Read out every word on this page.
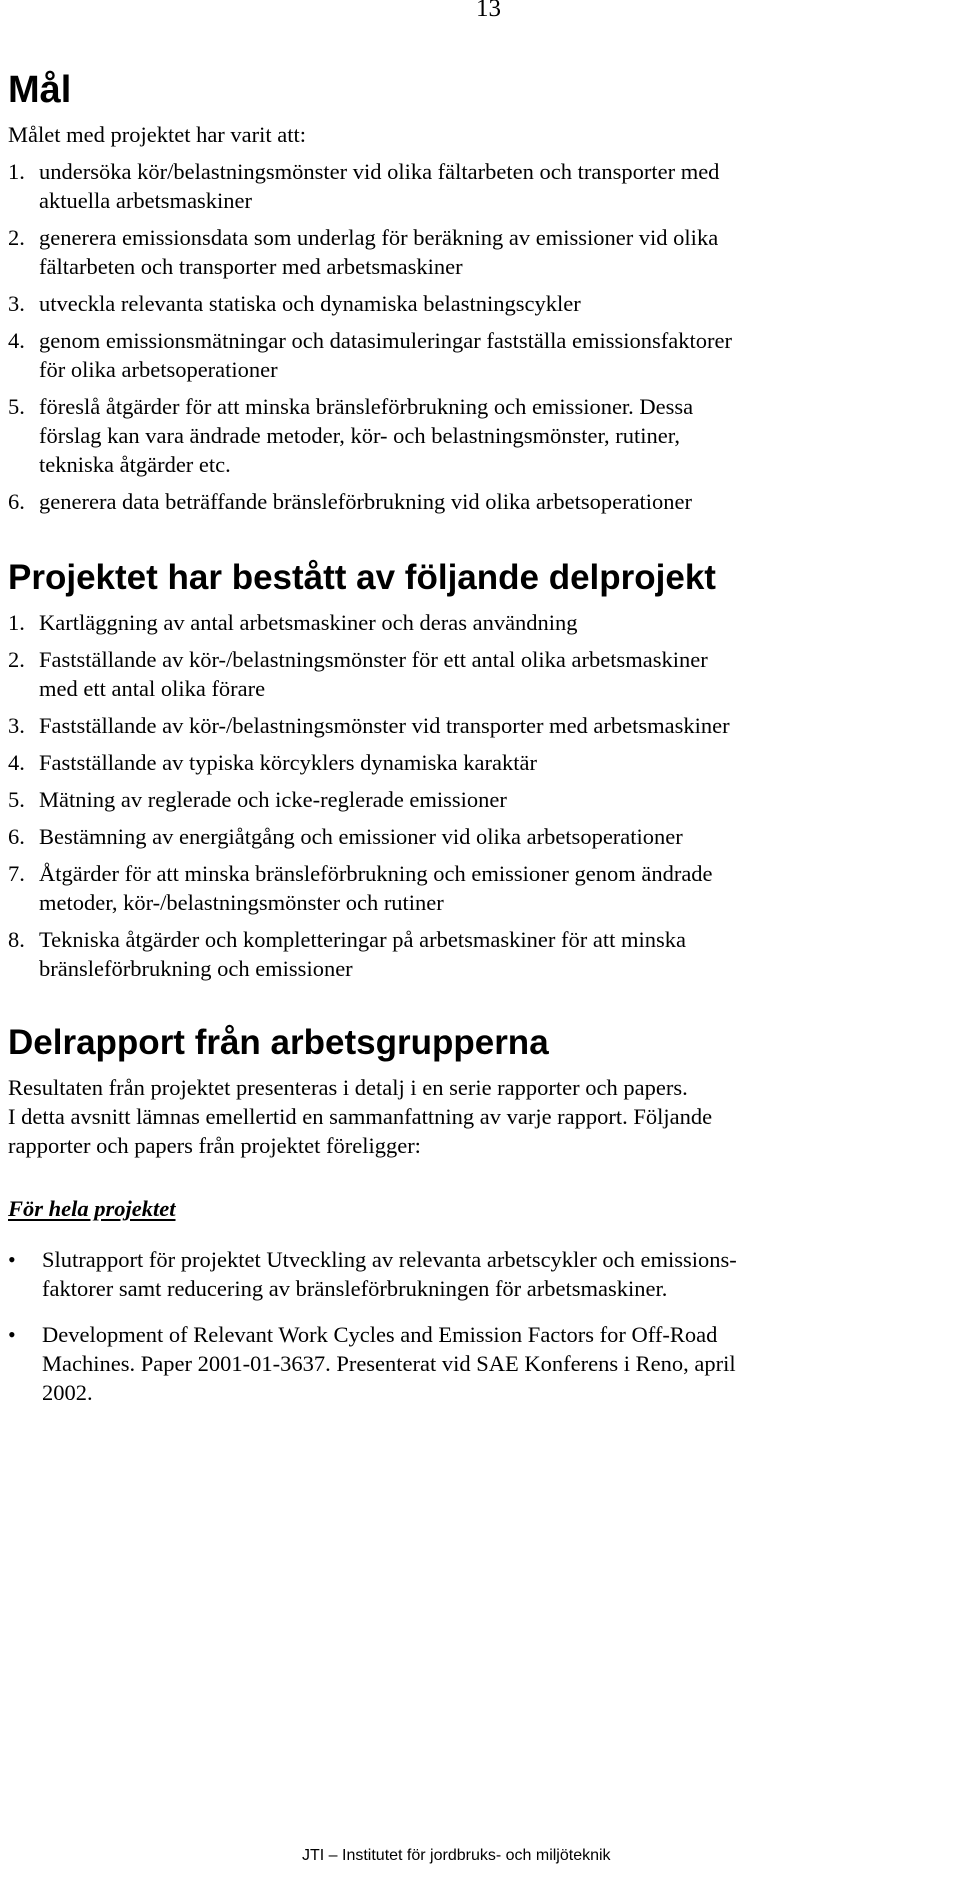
13
Mål

Målet med projektet har varit att:

1. undersöka kör/belastningsmönster vid olika fältarbeten och transporter med
aktuella arbetsmaskiner
2. generera emissionsdata som underlag för beräkning av emissioner vid olika
fältarbeten och transporter med arbetsmaskiner
3. utveckla relevanta statiska och dynamiska belastningscykler
4. genom emissionsmätningar och datasimuleringar fastställa emissionsfaktorer
för olika arbetsoperationer
5. föreslå åtgärder för att minska bränsleförbrukning och emissioner. Dessa
förslag kan vara ändrade metoder, kör- och belastningsmönster, rutiner,
tekniska åtgärder etc.
6. generera data beträffande bränsleförbrukning vid olika arbetsoperationer
Projektet har bestått av följande delprojekt
1. Kartläggning av antal arbetsmaskiner och deras användning
2. Fastställande av kör-/belastningsmönster för ett antal olika arbetsmaskiner
med ett antal olika förare
3. Fastställande av kör-/belastningsmönster vid transporter med arbetsmaskiner
4. Fastställande av typiska körcyklers dynamiska karaktär
5. Mätning av reglerade och icke-reglerade emissioner
6. Bestämning av energiåtgång och emissioner vid olika arbetsoperationer
7. Åtgärder för att minska bränsleförbrukning och emissioner genom ändrade
metoder, kör-/belastningsmönster och rutiner
8. Tekniska åtgärder och kompletteringar på arbetsmaskiner för att minska
bränsleförbrukning och emissioner
Delrapport från arbetsgrupperna

Resultaten från projektet presenteras i detalj i en serie rapporter och papers.

I detta avsnitt lämnas emellertid en sammanfattning av varje rapport. Följande

rapporter och papers från projektet föreligger:

För hela projektet
• Slutrapport för projektet Utveckling av relevanta arbetscykler och emissions-
faktorer samt reducering av bränsleförbrukningen för arbetsmaskiner.
• Development of Relevant Work Cycles and Emission Factors for Off-Road
Machines. Paper 2001-01-3637. Presenterat vid SAE Konferens i Reno, april
2002.
JTI – Institutet för jordbruks- och miljöteknik
